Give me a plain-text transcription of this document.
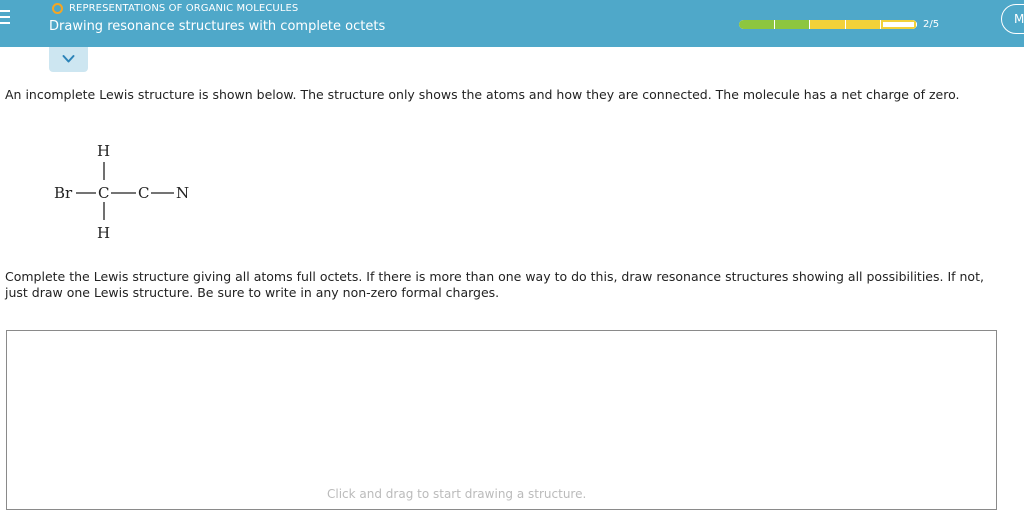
REPRESENTATIONS OF ORGANIC MOLECULES
Drawing resonance structures with complete octets	2/5	M
An incomplete Lewis structure is shown below. The structure only shows the atoms and how they are connected. The molecule has a net charge of zero.
H
Br C C N
H
Complete the Lewis structure giving all atoms full octets. If there is more than one way to do this, draw resonance structures showing all possibilities. If not, just draw one Lewis structure. Be sure to write in any non-zero formal charges.
Click and drag to start drawing a structure.
